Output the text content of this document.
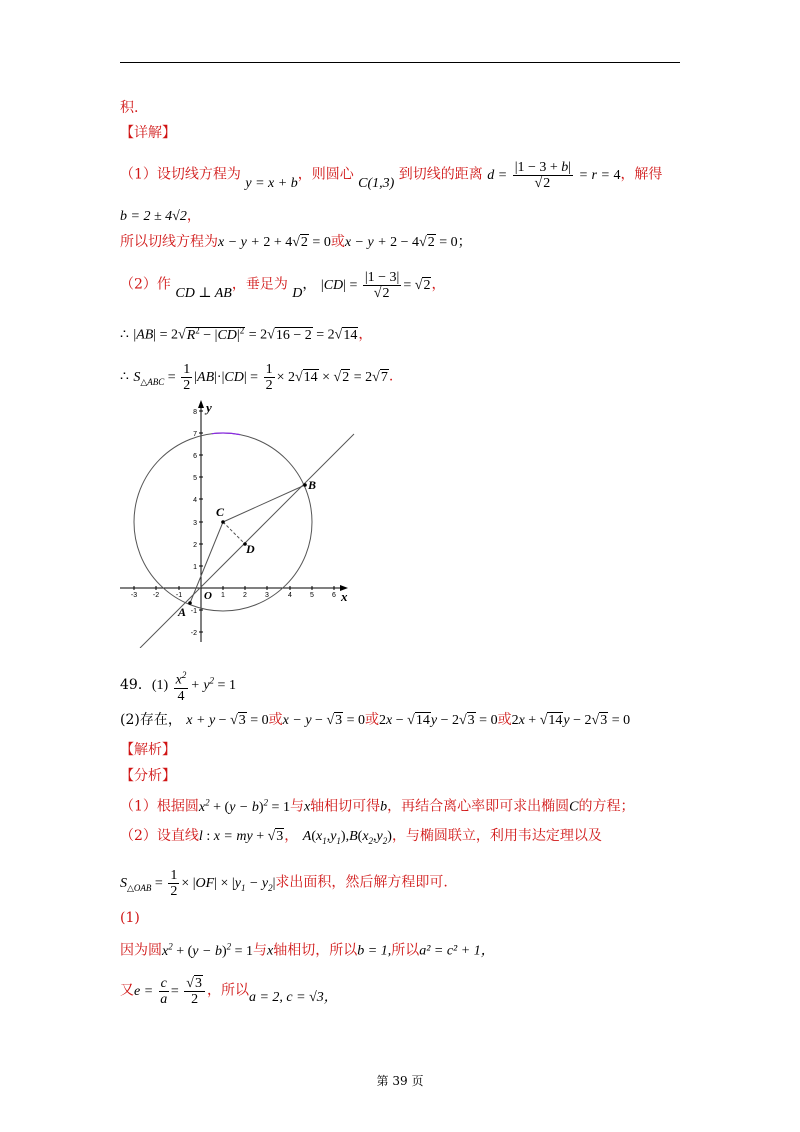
积.
【详解】
（1）设切线方程为 y = x + b，则圆心 C(1,3) 到切线的距离 $d = \frac{|1 - 3 + b|}{√2} = r = 4$，解得
b = 2 ± 4√2，
所以切线方程为x − y + 2 + 4√2 = 0或x − y + 2 − 4√2 = 0；
（2）作 CD ⊥ AB，垂足为 D， $|CD| = \frac{|1 - 3|}{√2} = √2$，
∴ $|AB| = 2√R^2 - |CD|^2 = 2√16 - 2 = 2√14$，
∴ $S_{\triangle ABC} = \frac{1}{2} |AB|\cdot|CD| = \frac{1}{2} \times 2√14 \times √2 = 2√7$.
y
x
O
-3 -2 -1	1	2	3	4	5	6
8
7
6
5
4
3
2
1
-1
-2
C
D
B
A
49．$(1) \frac{x^2}{4} + y^2 = 1$
(2)存在， x + y − √3 = 0或x − y − √3 = 0或2x − √14y − 2√3 = 0或2x + √14y − 2√3 = 0
【解析】
【分析】
（1）根据圆$x^2 + (y - b)^2 = 1$与x轴相切可得b，再结合离心率即可求出椭圆C的方程；
（2）设直线l : x = my + √3， $A(x_1,y_1),B(x_2,y_2)$，与椭圆联立，利用韦达定理以及
$S_{\triangle OAB} = \frac{1}{2} \times |OF| \times |y_1 - y_2|$求出面积，然后解方程即可.
(1)
因为圆$x^2 + (y - b)^2 = 1$与x轴相切，所以b = 1,所以a² = c² + 1，
又$e = \frac{c}{a} = \frac{√3}{2}$ ，所以a = 2, c = √3，
第 39 页
